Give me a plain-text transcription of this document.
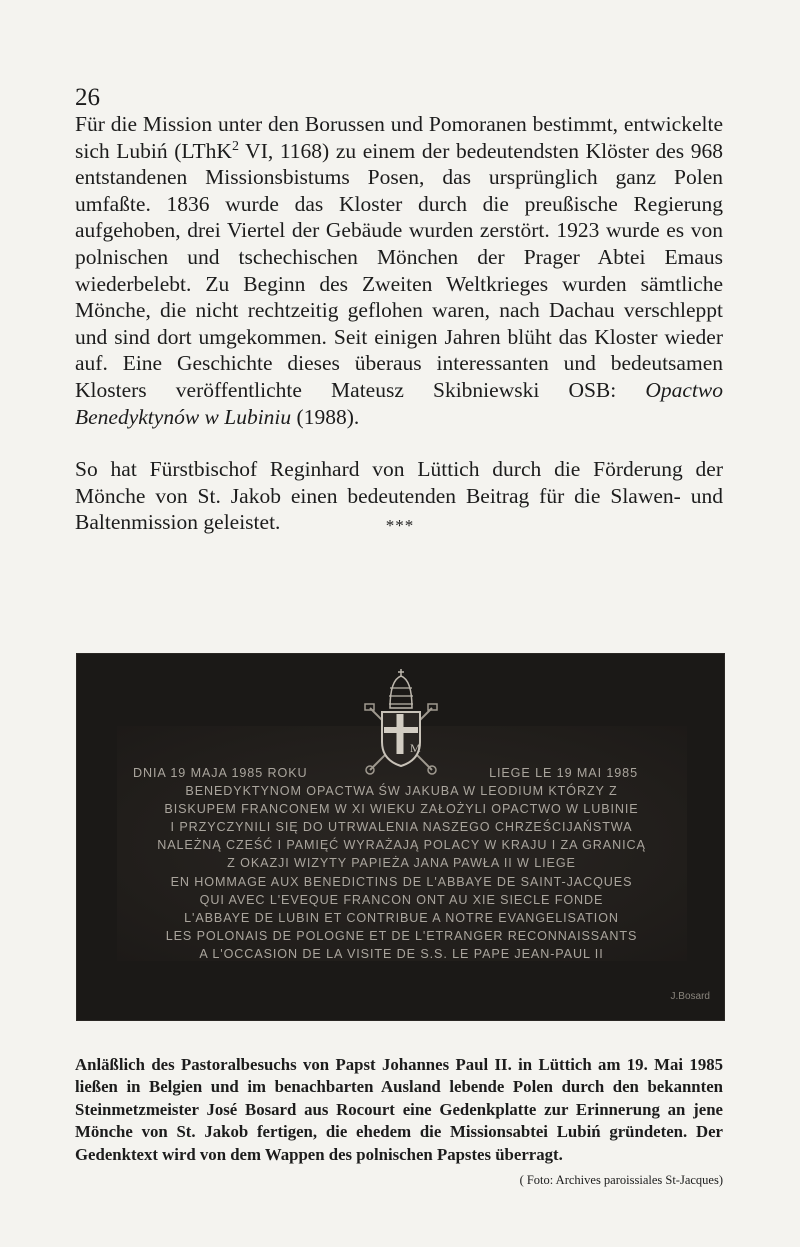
26

Für die Mission unter den Borussen und Pomoranen bestimmt, entwickelte sich Lubiń (LThK$^2$ VI, 1168) zu einem der bedeutendsten Klöster des 968 entstandenen Missionsbistums Posen, das ursprünglich ganz Polen umfaßte. 1836 wurde das Kloster durch die preußische Regierung aufgehoben, drei Viertel der Gebäude wurden zerstört. 1923 wurde es von polnischen und tschechischen Mönchen der Prager Abtei Emaus wiederbelebt. Zu Beginn des Zweiten Weltkrieges wurden sämtliche Mönche, die nicht rechtzeitig geflohen waren, nach Dachau verschleppt und sind dort umgekommen. Seit einigen Jahren blüht das Kloster wieder auf. Eine Geschichte dieses überaus interessanten und bedeutsamen Klosters veröffentlichte Mateusz Skibniewski OSB: Opactwo Benedyktynów w Lubiniu (1988).

So hat Fürstbischof Reginhard von Lüttich durch die Förderung der Mönche von St. Jakob einen bedeutenden Beitrag für die Slawen- und Baltenmission geleistet.	***
M
DNIA 19 MAJA 1985 ROKU	LIEGE LE 19 MAI 1985
BENEDYKTYNOM OPACTWA ŚW JAKUBA W LEODIUM KTÓRZY Z
BISKUPEM FRANCONEM W XI WIEKU ZAŁOŻYLI OPACTWO W LUBINIE
I PRZYCZYNILI SIĘ DO UTRWALENIA NASZEGO CHRZEŚCIJAŃSTWA
NALEŻNĄ CZEŚĆ I PAMIĘĆ WYRAŻAJĄ POLACY W KRAJU I ZA GRANICĄ
Z OKAZJI WIZYTY PAPIEŻA JANA PAWŁA II W LIEGE
EN HOMMAGE AUX BENEDICTINS DE L'ABBAYE DE SAINT-JACQUES
QUI AVEC L'EVEQUE FRANCON ONT AU XIE SIECLE FONDE
L'ABBAYE DE LUBIN ET CONTRIBUE A NOTRE EVANGELISATION
LES POLONAIS DE POLOGNE ET DE L'ETRANGER RECONNAISSANTS
A L'OCCASION DE LA VISITE DE S.S. LE PAPE JEAN-PAUL II
J.Bosard
Anläßlich des Pastoralbesuchs von Papst Johannes Paul II. in Lüttich am 19. Mai 1985 ließen in Belgien und im benachbarten Ausland lebende Polen durch den bekannten Steinmetzmeister José Bosard aus Rocourt eine Gedenkplatte zur Erinnerung an jene Mönche von St. Jakob fertigen, die ehedem die Missionsabtei Lubiń gründeten. Der Gedenktext wird von dem Wappen des polnischen Papstes überragt.
( Foto: Archives paroissiales St-Jacques)
